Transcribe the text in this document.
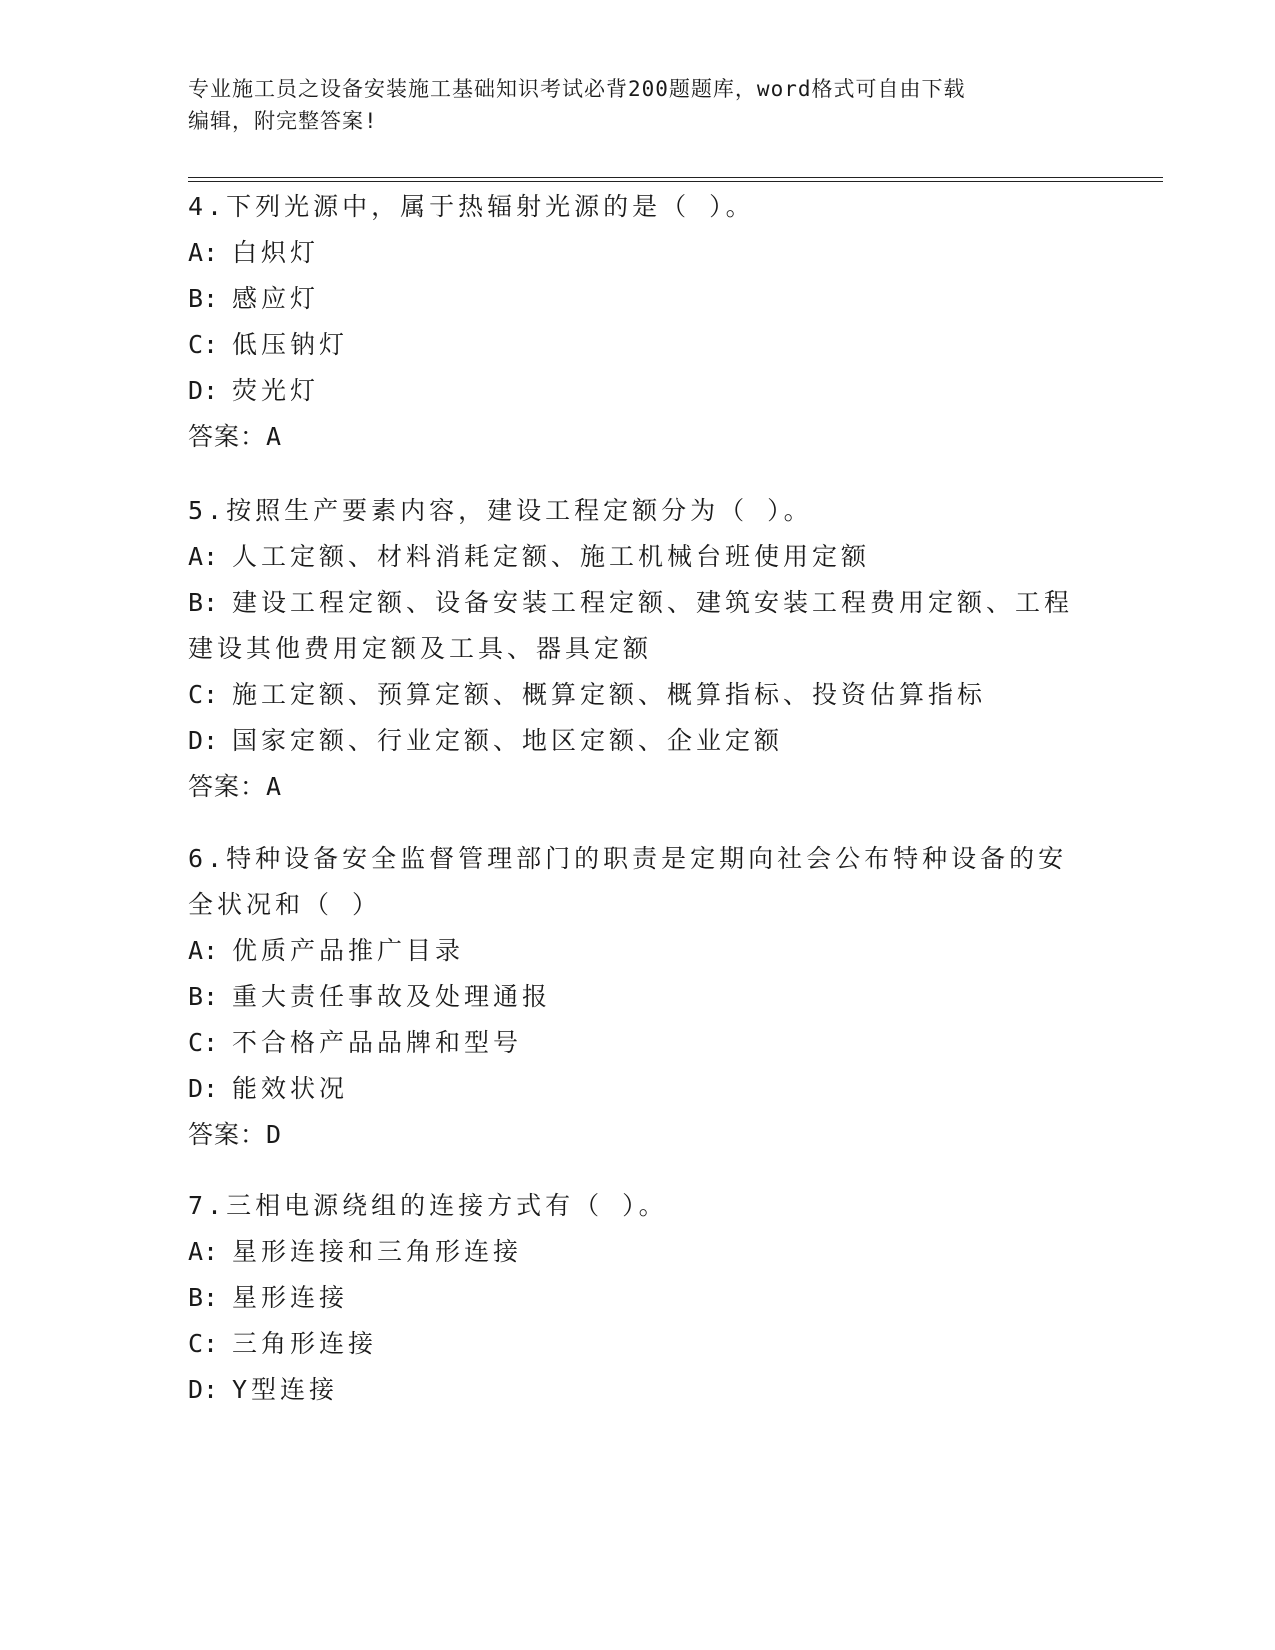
专业施工员之设备安装施工基础知识考试必背200题题库，word格式可自由下载
编辑，附完整答案!
4.下列光源中，属于热辐射光源的是（ ）。
A: 白炽灯
B: 感应灯
C: 低压钠灯
D: 荧光灯
答案：A
5.按照生产要素内容，建设工程定额分为（ ）。
A: 人工定额、材料消耗定额、施工机械台班使用定额
B: 建设工程定额、设备安装工程定额、建筑安装工程费用定额、工程
建设其他费用定额及工具、器具定额
C: 施工定额、预算定额、概算定额、概算指标、投资估算指标
D: 国家定额、行业定额、地区定额、企业定额
答案：A
6.特种设备安全监督管理部门的职责是定期向社会公布特种设备的安
全状况和（ ）
A: 优质产品推广目录
B: 重大责任事故及处理通报
C: 不合格产品品牌和型号
D: 能效状况
答案：D
7.三相电源绕组的连接方式有（ ）。
A: 星形连接和三角形连接
B: 星形连接
C: 三角形连接
D: Y型连接
